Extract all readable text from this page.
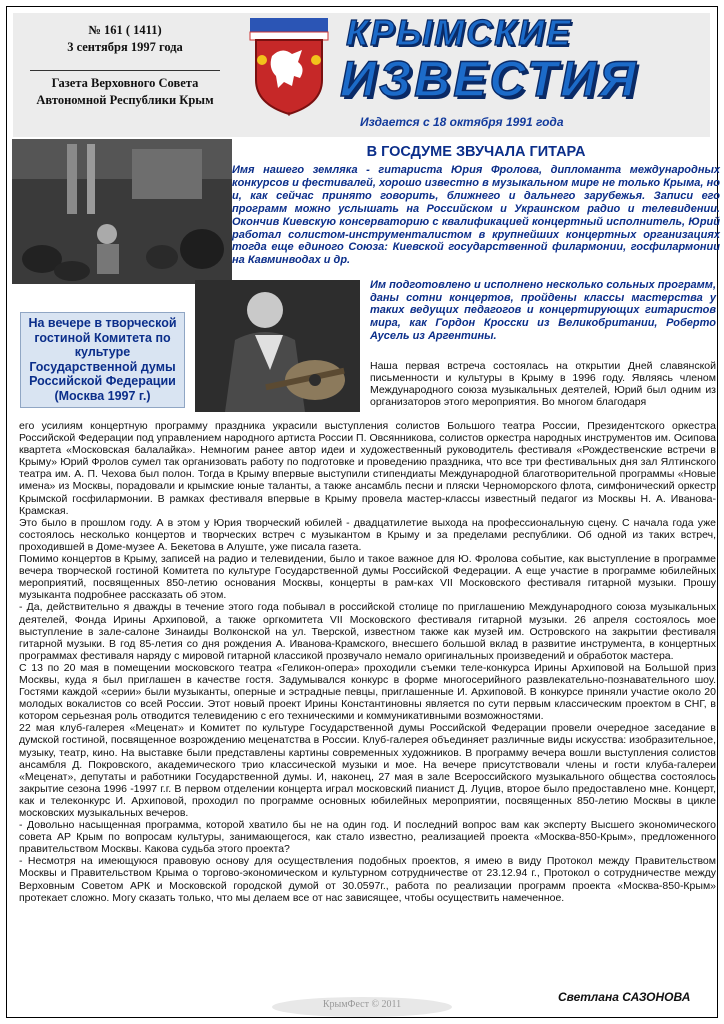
№ 161 ( 1411)
3 сентября 1997 года
Газета Верховного Совета
Автономной Республики Крым
КРЫМСКИЕ
ИЗВЕСТИЯ
Издается с 18 октября 1991 года
На вечере в творческой гостиной Комитета по культуре Государственной думы Российской Федерации (Москва 1997 г.)
В ГОСДУМЕ ЗВУЧАЛА ГИТАРА
Имя нашего земляка - гитариста Юрия Фролова, дипломанта международных конкурсов и фестивалей, хорошо известно в музыкальном мире не только Крыма, но и, как сейчас принято говорить, ближнего и дальнего зарубежья. Записи его программ можно услышать на Российском и Украинском радио и телевидении. Окончив Киевскую консерваторию с квалификацией концертный исполнитель, Юрий работал солистом-инструменталистом в крупнейших концертных организациях тогда еще единого Союза: Киевской государственной филармонии, госфилармонии на Кавминводах и др.
Им подготовлено и исполнено несколько сольных программ, даны сотни концертов, пройдены классы мастерства у таких ведущих педагогов и концертирующих гитаристов мира, как Гордон Кросски из Великобритании, Роберто Аусель из Аргентины.
Наша первая встреча состоялась на открытии Дней славянской письменности и культуры в Крыму в 1996 году. Являясь членом Международного союза музыкальных деятелей, Юрий был одним из организаторов этого мероприятия. Во многом благодаря
его усилиям концертную программу праздника украсили выступления солистов Большого театра России, Президентского оркестра Российской Федерации под управлением народного артиста России П. Овсянникова, солистов оркестра народных инструментов им. Осипова квартета «Московская балалайка». Немногим ранее автор идеи и художественный руководитель фестиваля «Рождественские встречи в Крыму» Юрий Фролов сумел так организовать работу по подготовке и проведению праздника, что все три фестивальных дня зал Ялтинского театра им. А. П. Чехова был полон. Тогда в Крыму впервые выступили стипендиаты Международной благотворительной программы «Новые имена» из Москвы, порадовали и крымские юные таланты, а также ансамбль песни и пляски Черноморского флота, симфонический оркестр Крымской госфилармонии. В рамках фестиваля впервые в Крыму провела мастер-классы известный педагог из Москвы Н. А. Иванова-Крамская.
Это было в прошлом году. А в этом у Юрия творческий юбилей - двадцатилетие выхода на профессиональную сцену. С начала года уже состоялось несколько концертов и творческих встреч с музыкантом в Крыму и за пределами республики. Об одной из таких встреч, проходившей в Доме-музее А. Бекетова в Алуште, уже писала газета.
Помимо концертов в Крыму, записей на радио и телевидении, было и такое важное для Ю. Фролова событие, как выступление в программе вечера творческой гостиной Комитета по культуре Государственной думы Российской Федерации. А еще участие в программе юбилейных мероприятий, посвященных 850-летию основания Москвы, концерты в рам-ках VII Московского фестиваля гитарной музыки. Прошу музыканта подробнее рассказать об этом.
- Да, действительно я дважды в течение этого года побывал в российской столице по приглашению Международного союза музыкальных деятелей, Фонда Ирины Архиповой, а также оргкомитета VII Московского фестиваля гитарной музыки. 26 апреля состоялось мое выступление в зале-салоне Зинаиды Волконской на ул. Тверской, известном также как музей им. Островского на закрытии фестиваля гитарной музыки. В год 85-летия со дня рождения А. Иванова-Крамского, внесшего большой вклад в развитие инструмента, в концертных программах фестиваля наряду с мировой гитарной классикой прозвучало немало оригинальных произведений и обработок мастера.
С 13 по 20 мая в помещении московского театра «Геликон-опера» проходили съемки теле-конкурса Ирины Архиповой на Большой приз Москвы, куда я был приглашен в качестве гостя. Задумывался конкурс в форме многосерийного развлекательно-познавательного шоу. Гостями каждой «серии» были музыканты, оперные и эстрадные певцы, приглашенные И. Архиповой. В конкурсе приняли участие около 20 молодых вокалистов со всей России. Этот новый проект Ирины Константиновны является по сути первым классическим проектом в СНГ, в котором серьезная роль отводится телевидению с его техническими и коммуникативными возможностями.
22 мая клуб-галерея «Меценат» и Комитет по культуре Государственной думы Российской Федерации провели очередное заседание в думской гостиной, посвященное возрождению меценатства в России. Клуб-галерея объединяет различные виды искусства: изобразительное, музыку, театр, кино. На выставке были представлены картины современных художников. В программу вечера вошли выступления солистов ансамбля Д. Покровского, академического трио классической музыки и мое. На вечере присутствовали члены и гости клуба-галереи «Меценат», депутаты и работники Государственной думы. И, наконец, 27 мая в зале Всероссийского музыкального общества состоялось закрытие сезона 1996 -1997 г.г. В первом отделении концерта играл московский пианист Д. Луцив, второе было предоставлено мне. Концерт, как и телеконкурс И. Архиповой, проходил по программе основных юбилейных мероприятии, посвященных 850-летию Москвы в цикле московских музыкальных вечеров.
- Довольно насыщенная программа, которой хватило бы не на один год. И последний вопрос вам как эксперту Высшего экономического совета АР Крым по вопросам культуры, занимающегося, как стало известно, реализацией проекта «Москва-850-Крым», предложенного правительством Москвы. Какова судьба этого проекта?
- Несмотря на имеющуюся правовую основу для осуществления подобных проектов, я имею в виду Протокол между Правительством Москвы и Правительством Крыма о торгово-экономическом и культурном сотрудничестве от 23.12.94 г., Протокол о сотрудничестве между Верховным Советом АРК и Московской городской думой от 30.0597г., работа по реализации программ проекта «Москва-850-Крым» протекает сложно. Могу сказать только, что мы делаем все от нас зависящее, чтобы осуществить намеченное.
Светлана САЗОНОВА
КрымФест © 2011
